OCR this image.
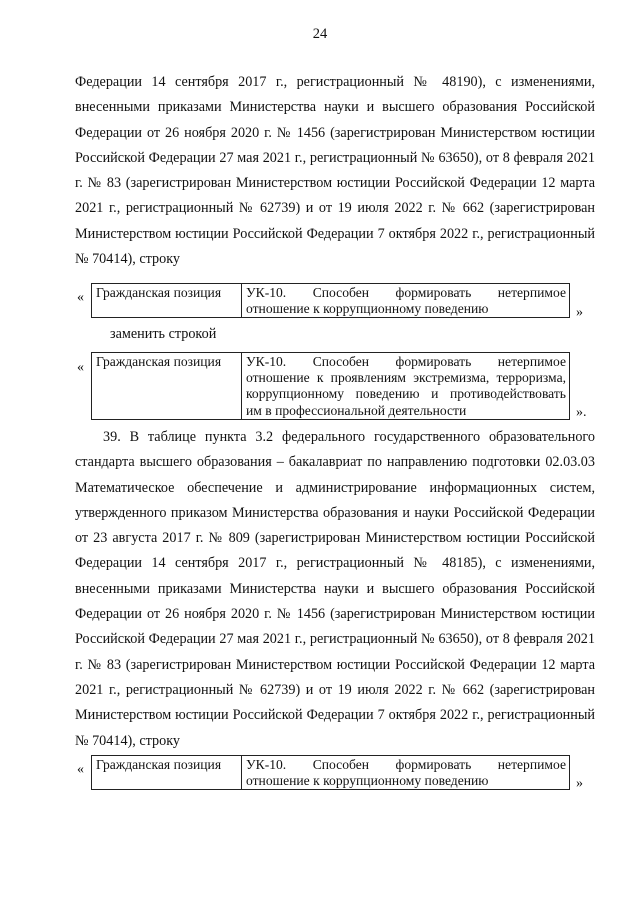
24

Федерации 14 сентября 2017 г., регистрационный № 48190), с изменениями, внесенными приказами Министерства науки и высшего образования Российской Федерации от 26 ноября 2020 г. № 1456 (зарегистрирован Министерством юстиции Российской Федерации 27 мая 2021 г., регистрационный № 63650), от 8 февраля 2021 г. № 83 (зарегистрирован Министерством юстиции Российской Федерации 12 марта 2021 г., регистрационный № 62739) и от 19 июля 2022 г. № 662 (зарегистрирован Министерством юстиции Российской Федерации 7 октября 2022 г., регистрационный № 70414), строку

« Гражданская позиция	УК-10. Способен формировать нетерпимое
отношение к коррупционному поведению	»
заменить строкой
« Гражданская позиция	УК-10. Способен формировать нетерпимое
отношение к проявлениям экстремизма, терроризма,
коррупционному поведению и противодействовать
им в профессиональной деятельности	».

39. В таблице пункта 3.2 федерального государственного образовательного стандарта высшего образования – бакалавриат по направлению подготовки 02.03.03 Математическое обеспечение и администрирование информационных систем, утвержденного приказом Министерства образования и науки Российской Федерации от 23 августа 2017 г. № 809 (зарегистрирован Министерством юстиции Российской Федерации 14 сентября 2017 г., регистрационный № 48185), с изменениями, внесенными приказами Министерства науки и высшего образования Российской Федерации от 26 ноября 2020 г. № 1456 (зарегистрирован Министерством юстиции Российской Федерации 27 мая 2021 г., регистрационный № 63650), от 8 февраля 2021 г. № 83 (зарегистрирован Министерством юстиции Российской Федерации 12 марта 2021 г., регистрационный № 62739) и от 19 июля 2022 г. № 662 (зарегистрирован Министерством юстиции Российской Федерации 7 октября 2022 г., регистрационный № 70414), строку

« Гражданская позиция	УК-10. Способен формировать нетерпимое
отношение к коррупционному поведению	»
